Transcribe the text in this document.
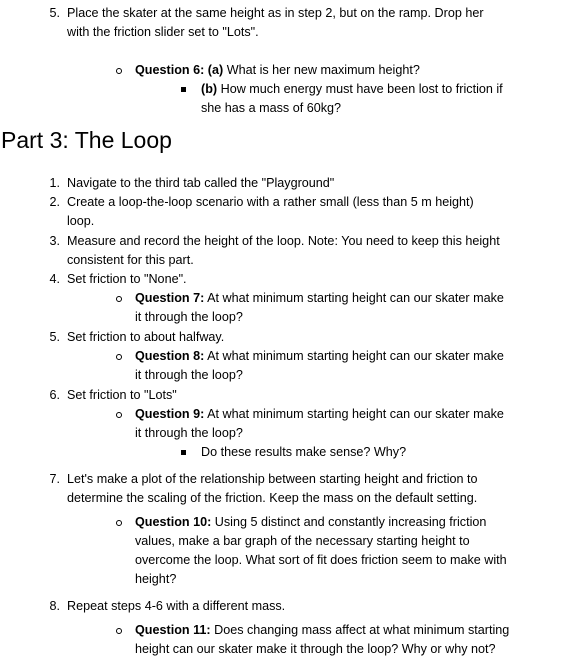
5. Place the skater at the same height as in step 2, but on the ramp. Drop her
with the friction slider set to "Lots".
Question 6: (a) What is her new maximum height?
(b) How much energy must have been lost to friction if
she has a mass of 60kg?
Part 3: The Loop
1. Navigate to the third tab called the "Playground"
2. Create a loop-the-loop scenario with a rather small (less than 5 m height)
loop.
3. Measure and record the height of the loop. Note: You need to keep this height
consistent for this part.
4. Set friction to "None".
Question 7: At what minimum starting height can our skater make
it through the loop?
5. Set friction to about halfway.
Question 8: At what minimum starting height can our skater make
it through the loop?
6. Set friction to "Lots"
Question 9: At what minimum starting height can our skater make
it through the loop?
Do these results make sense? Why?
7. Let's make a plot of the relationship between starting height and friction to
determine the scaling of the friction. Keep the mass on the default setting.
Question 10: Using 5 distinct and constantly increasing friction
values, make a bar graph of the necessary starting height to
overcome the loop. What sort of fit does friction seem to make with
height?
8. Repeat steps 4-6 with a different mass.
Question 11: Does changing mass affect at what minimum starting
height can our skater make it through the loop? Why or why not?
